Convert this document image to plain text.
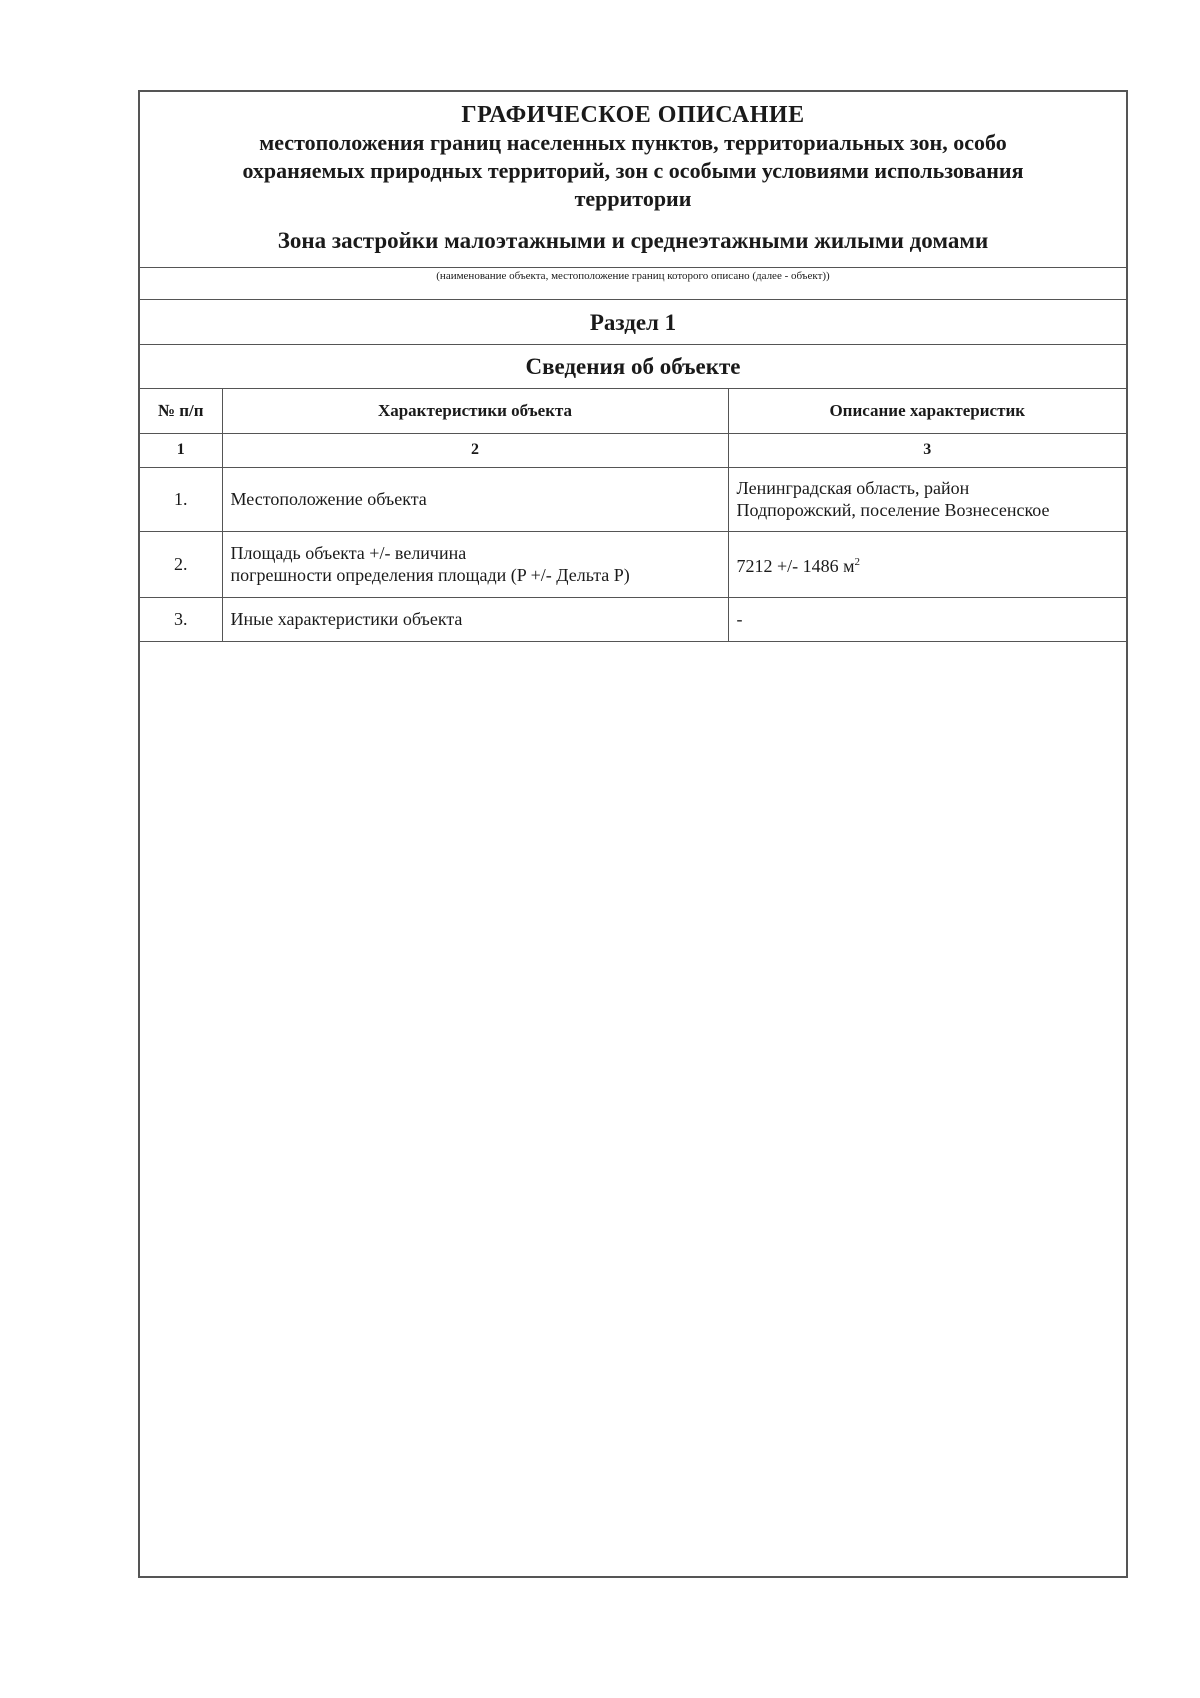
ГРАФИЧЕСКОЕ ОПИСАНИЕ
местоположения границ населенных пунктов, территориальных зон, особо
охраняемых природных территорий, зон с особыми условиями использования
территории
Зона застройки малоэтажными и среднеэтажными жилыми домами
(наименование объекта, местоположение границ которого описано (далее - объект))
Раздел 1
Сведения об объекте
№ п/п	Характеристики объекта	Описание характеристик
1	2	3
1.	Местоположение объекта	Ленинградская область, район
Подпорожский, поселение Вознесенское

2.	Площадь объекта +/- величина
погрешности определения площади (P +/- Дельта P)	7212 +/- 1486 $м^2$
3.	Иные характеристики объекта	-
